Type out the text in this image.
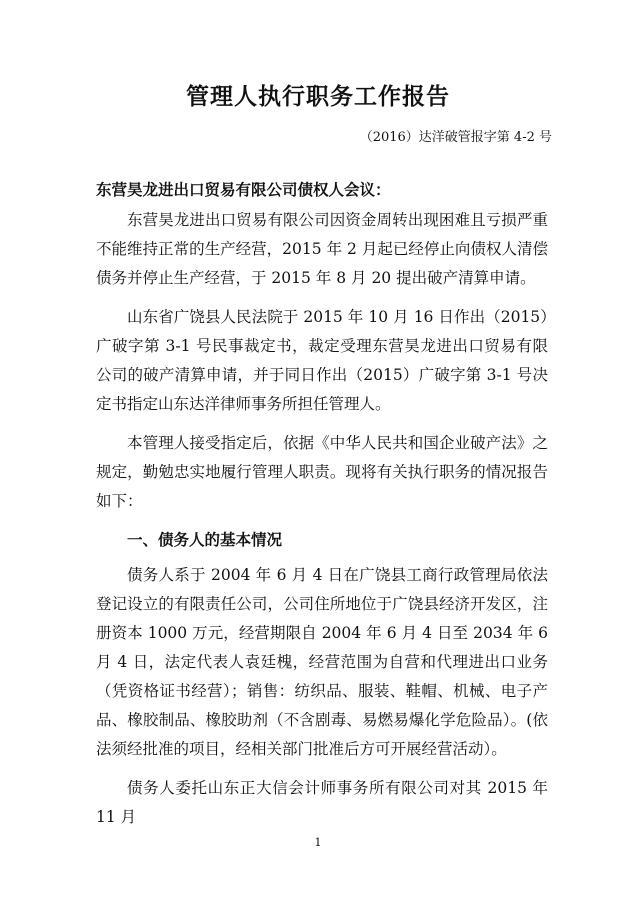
管理人执行职务工作报告

（2016）达洋破管报字第 4-2 号

东营昊龙进出口贸易有限公司债权人会议：

东营昊龙进出口贸易有限公司因资金周转出现困难且亏损严重不能维持正常的生产经营，2015 年 2 月起已经停止向债权人清偿债务并停止生产经营，于 2015 年 8 月 20 提出破产清算申请。

山东省广饶县人民法院于 2015 年 10 月 16 日作出（2015）广破字第 3-1 号民事裁定书，裁定受理东营昊龙进出口贸易有限公司的破产清算申请，并于同日作出（2015）广破字第 3-1 号决定书指定山东达洋律师事务所担任管理人。

本管理人接受指定后，依据《中华人民共和国企业破产法》之规定，勤勉忠实地履行管理人职责。现将有关执行职务的情况报告如下：

一、债务人的基本情况

债务人系于 2004 年 6 月 4 日在广饶县工商行政管理局依法登记设立的有限责任公司，公司住所地位于广饶县经济开发区，注册资本 1000 万元，经营期限自 2004 年 6 月 4 日至 2034 年 6 月 4 日，法定代表人袁廷槐，经营范围为自营和代理进出口业务（凭资格证书经营）；销售：纺织品、服装、鞋帽、机械、电子产品、橡胶制品、橡胶助剂（不含剧毒、易燃易爆化学危险品）。(依法须经批准的项目，经相关部门批准后方可开展经营活动）。

债务人委托山东正大信会计师事务所有限公司对其 2015 年 11 月

1
